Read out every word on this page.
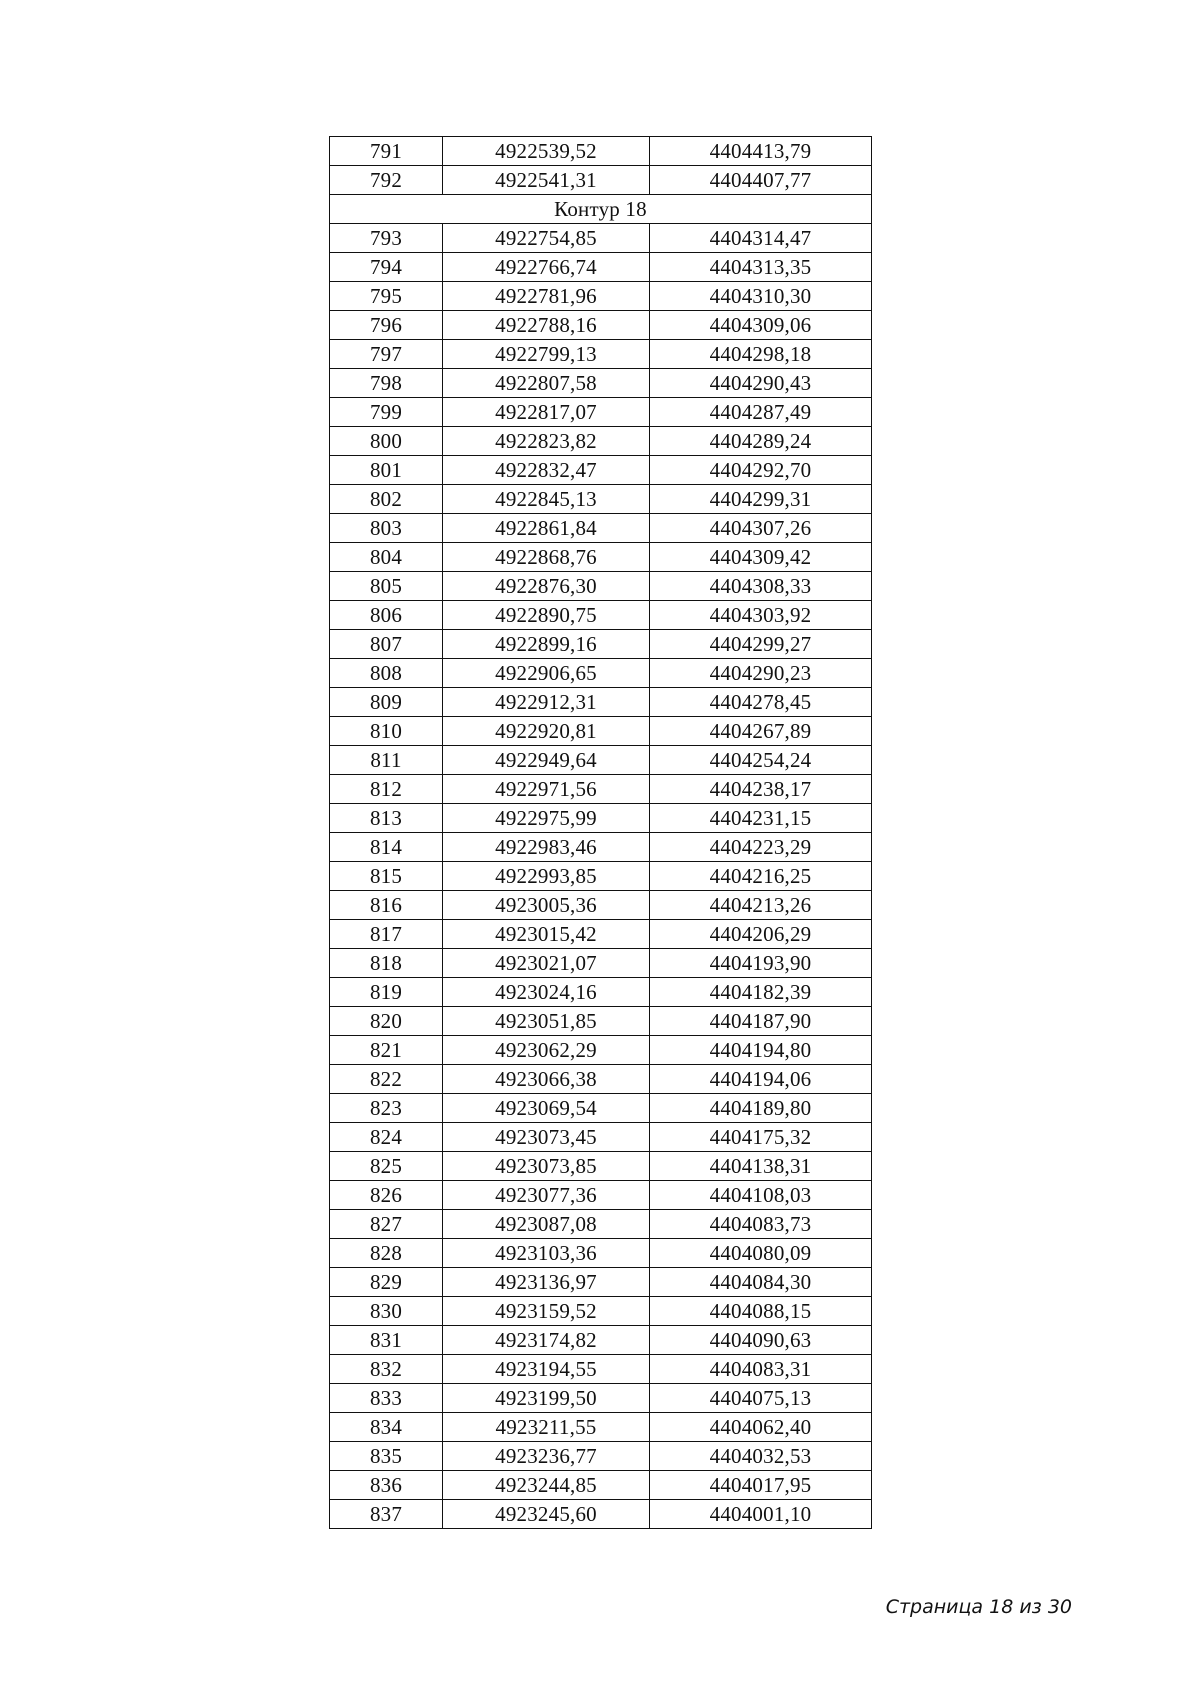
791	4922539,52	4404413,79
792	4922541,31	4404407,77
Контур 18		
793	4922754,85	4404314,47
794	4922766,74	4404313,35
795	4922781,96	4404310,30
796	4922788,16	4404309,06
797	4922799,13	4404298,18
798	4922807,58	4404290,43
799	4922817,07	4404287,49
800	4922823,82	4404289,24
801	4922832,47	4404292,70
802	4922845,13	4404299,31
803	4922861,84	4404307,26
804	4922868,76	4404309,42
805	4922876,30	4404308,33
806	4922890,75	4404303,92
807	4922899,16	4404299,27
808	4922906,65	4404290,23
809	4922912,31	4404278,45
810	4922920,81	4404267,89
811	4922949,64	4404254,24
812	4922971,56	4404238,17
813	4922975,99	4404231,15
814	4922983,46	4404223,29
815	4922993,85	4404216,25
816	4923005,36	4404213,26
817	4923015,42	4404206,29
818	4923021,07	4404193,90
819	4923024,16	4404182,39
820	4923051,85	4404187,90
821	4923062,29	4404194,80
822	4923066,38	4404194,06
823	4923069,54	4404189,80
824	4923073,45	4404175,32
825	4923073,85	4404138,31
826	4923077,36	4404108,03
827	4923087,08	4404083,73
828	4923103,36	4404080,09
829	4923136,97	4404084,30
830	4923159,52	4404088,15
831	4923174,82	4404090,63
832	4923194,55	4404083,31
833	4923199,50	4404075,13
834	4923211,55	4404062,40
835	4923236,77	4404032,53
836	4923244,85	4404017,95
837	4923245,60	4404001,10
Страница 18 из 30
